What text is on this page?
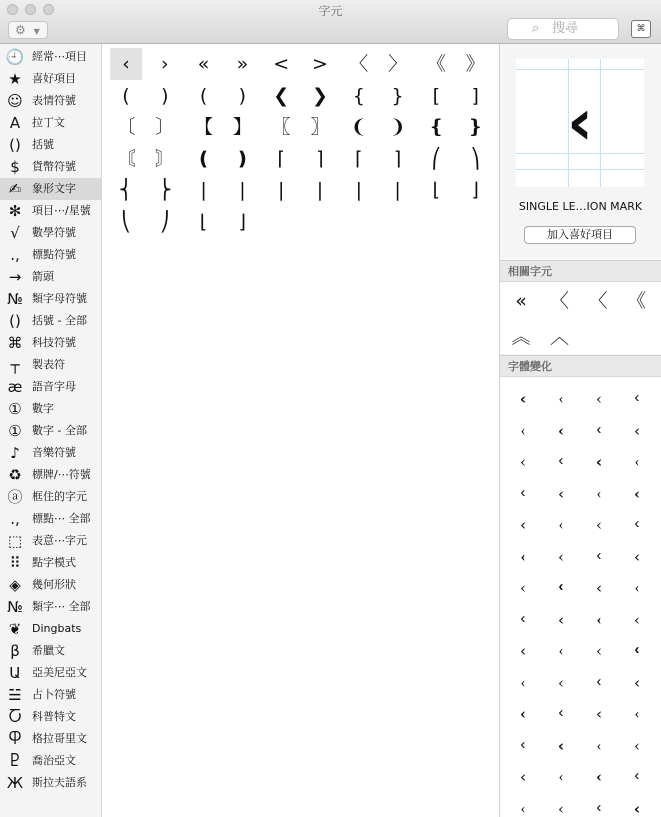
字元
⚙ ▼	⌕ 搜尋	⌘
🕘 經常⋯項目
★ 喜好項目
☺ 表情符號
A	拉丁文
()	括號
$	貨幣符號
✍ 象形文字
✻ 項目⋯/星號
√	數學符號
.,	標點符號
→ 箭頭
№ 類字母符號
()	括號 - 全部
⌘ 科技符號
┬	製表符
æ 語音字母
① 數字
① 數字 - 全部
♪	音樂符號
♻ 標牌/⋯符號
ⓐ 框住的字元
.,	標點⋯ 全部
⬚ 表意⋯字元
⠿	點字模式
◈	幾何形狀
№ 類字⋯ 全部
❦ Dingbats
β	希臘文
Ա	亞美尼亞文
☱ 占卜符號
Ⴀ 科普特文
Ⴔ 格拉哥里文
Ⴒ	喬治亞文
Ж 斯拉夫語系
‹	›	«	»	<	>	〈	〉	《	》
(	)	(	)	❮	❯	{	}	[	]
〔	〕	【	】	〖	〗	❨	❩	❴	❵
〘	〙	❪	❫	⌈	⌉	⌈	⌉	⎛	⎞
⎨	⎬	|	|	|	|	|	|	⌊	⌋
⎝	⎠	⌊	⌋
‹
SINGLE LE…ION MARK
加入喜好項目
相關字元
«	〈	〈	《
︽	︿
字體變化
‹	‹	‹	‹
‹	‹	‹	‹
‹	‹	‹	‹
‹	‹	‹	‹
‹	‹	‹	‹
‹	‹	‹	‹
‹	‹	‹	‹
‹	‹	‹	‹
‹	‹	‹	‹
‹	‹	‹	‹
‹	‹	‹	‹
‹	‹	‹	‹
‹	‹	‹	‹
‹	‹	‹	‹
